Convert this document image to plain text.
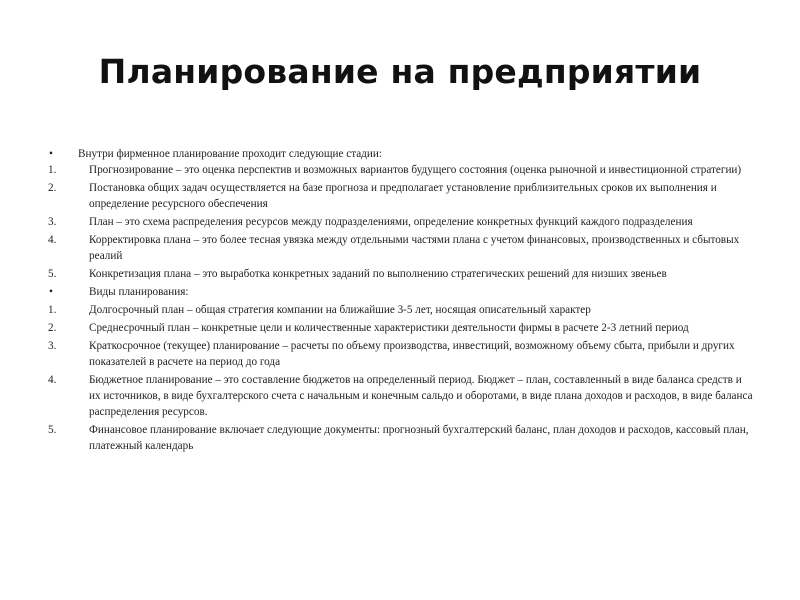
Планирование на предприятии
•	Внутри фирменное планирование проходит следующие стадии:
1.	Прогнозирование – это оценка перспектив и возможных вариантов будущего состояния (оценка рыночной и инвестиционной стратегии)
2.	Постановка общих задач осуществляется на базе прогноза и предполагает установление приблизительных сроков их выполнения и определение ресурсного обеспечения
3.	План – это схема распределения ресурсов между подразделениями, определение конкретных функций каждого подразделения
4.	Корректировка плана – это более тесная увязка между отдельными частями плана с учетом финансовых, производственных и сбытовых реалий
5.	Конкретизация плана – это выработка конкретных заданий по выполнению стратегических решений для низших звеньев
•	Виды планирования:
1.	Долгосрочный план – общая стратегия компании на ближайшие 3-5 лет, носящая описательный характер
2.	Среднесрочный план – конкретные цели и количественные характеристики деятельности фирмы в расчете 2-3 летний период
3.	Краткосрочное (текущее) планирование – расчеты по объему производства, инвестиций, возможному объему сбыта, прибыли и других показателей в расчете на период до года
4.	Бюджетное планирование – это составление бюджетов на определенный период. Бюджет – план, составленный в виде баланса средств и их источников, в виде бухгалтерского счета с начальным и конечным сальдо и оборотами, в виде плана доходов и расходов, в виде баланса распределения ресурсов.
5.	Финансовое планирование включает следующие документы: прогнозный бухгалтерский баланс, план доходов и расходов, кассовый план, платежный календарь
